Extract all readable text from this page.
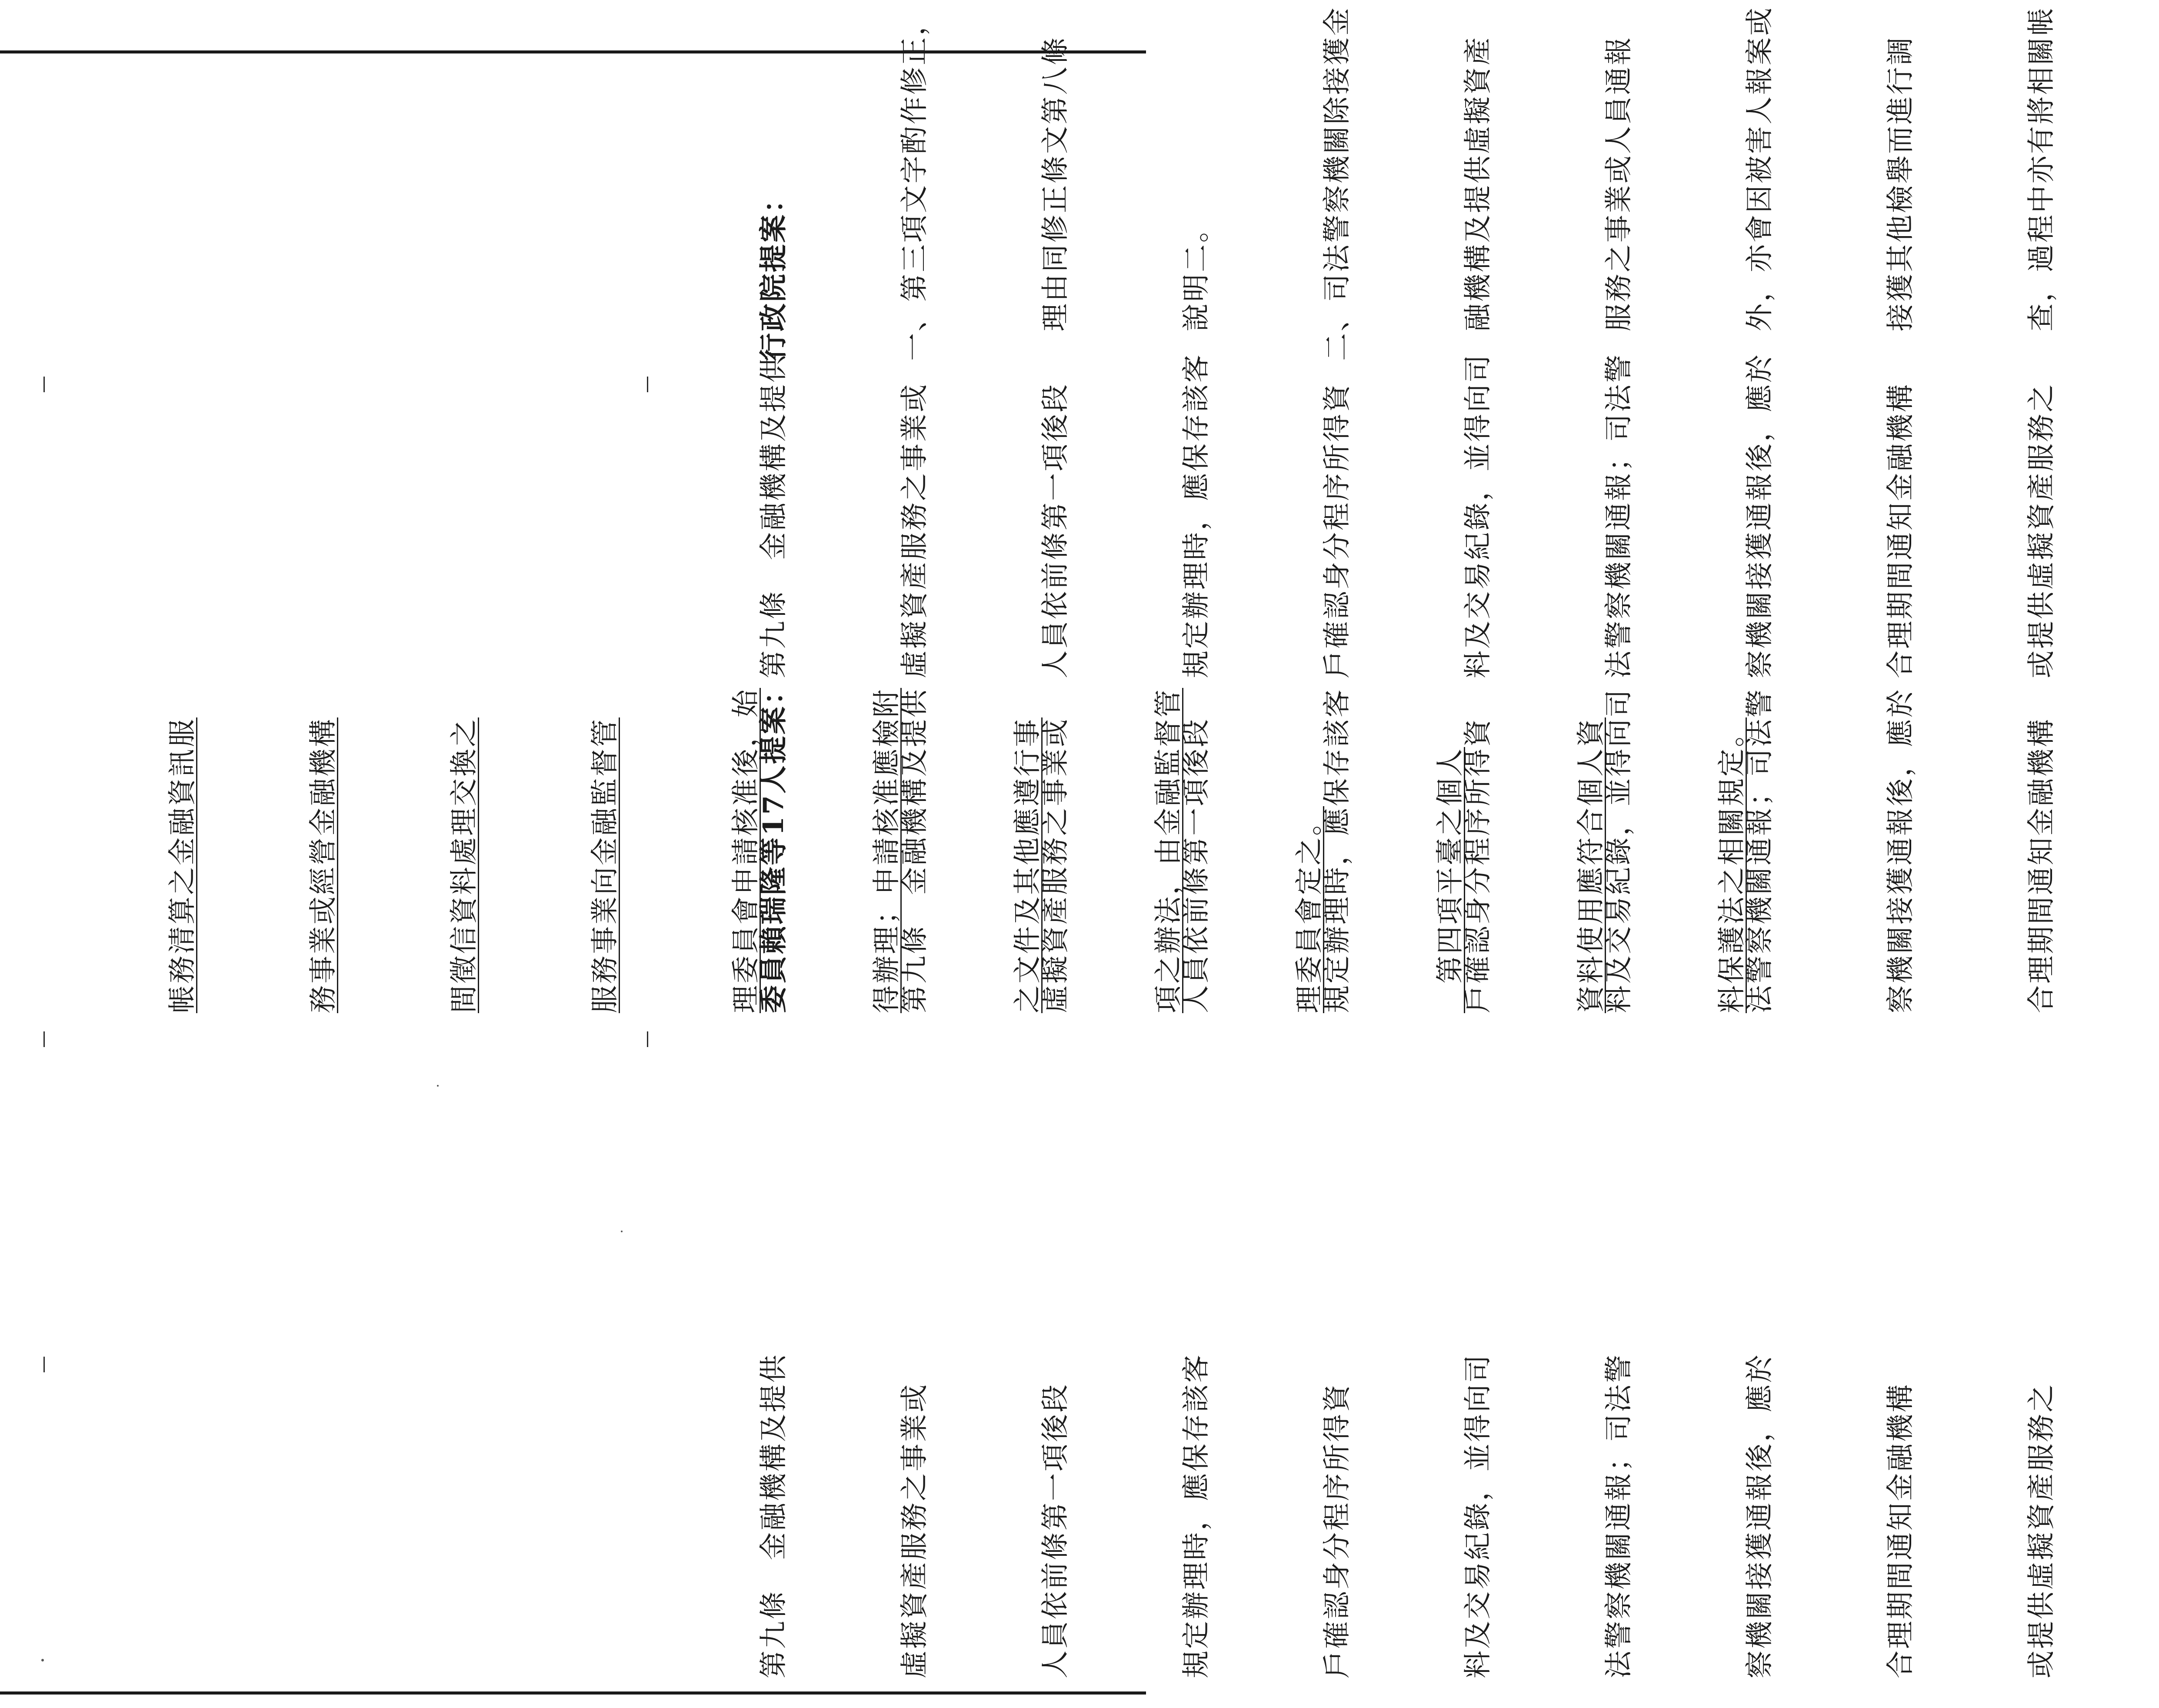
第九條　金融機構及提供

	虛擬資產服務之事業或

	人員依前條第一項後段

	規定辦理時，應保存該客

	戶確認身分程序所得資

	料及交易紀錄，並得向司

	法警察機關通報；司法警

	察機關接獲通報後，應於

	合理期間通知金融機構

	或提供虛擬資產服務之

帳務清算之金融資訊服

	務事業或經營金融機構

	間徵信資料處理交換之

	服務事業向金融監督管

	理委員會申請核准後，始

	得辦理；申請核准應檢附

	之文件及其他應遵行事

	項之辦法，由金融監督管

	理委員會定之。

	　第四項平臺之個人

	資料使用應符合個人資

	料保護法之相關規定。

委員賴瑞隆等17人提案：

	第九條　金融機構及提供

	虛擬資產服務之事業或

	人員依前條第一項後段

	規定辦理時，應保存該客

	戶確認身分程序所得資

	料及交易紀錄，並得向司

	法警察機關通報；司法警

	察機關接獲通報後，應於

	合理期間通知金融機構

行政院提案：

	一、第三項文字酌作修正，

	　理由同修正條文第八條

	　說明二。

	二、司法警察機關除接獲金

	　融機構及提供虛擬資產

	　服務之事業或人員通報

	　外，亦會因被害人報案或

	　接獲其他檢舉而進行調

	　查，過程中亦有將相關帳

第九條　金融機構及提供

	虛擬資產服務之事業或

	人員依前條第一項後段

	規定辦理時，應保存該客

	戶確認身分程序所得資

	料及交易紀錄，並得向司

	法警察機關通報；司法警

	察機關接獲通報後，應於

	合理期間通知金融機構

	或提供虛擬資產服務之
